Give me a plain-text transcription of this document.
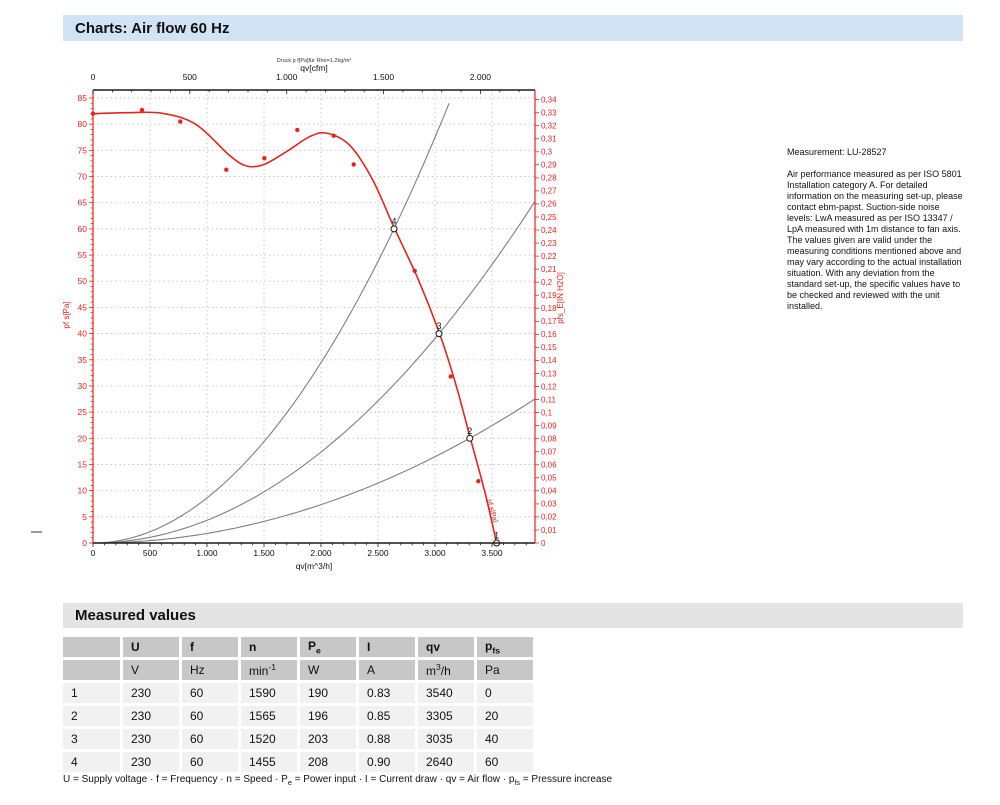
Charts: Air flow 60 Hz
1
2
3
4
0	500	1.000	1.500	2.000	2.500	3.000	3.500
0	500	1.000	1.500	2.000
0
5
10
15
20
25
30
35
40
45
50
55
60
65
70
75
80
85
0
0,01
0,02
0,03
0,04
0,05
0,06
0,07
0,08
0,09
0,1
0,11
0,12
0,13
0,14
0,15
0,16
0,17
0,18
0,19
0,2
0,21
0,22
0,23
0,24
0,25
0,26
0,27
0,28
0,29
0,3
0,31
0,32
0,33
0,34
Druck p f[Pa]für Rho=1.2kg/m³
qv[cfm]
qv[m^3/h]
pf s[Pa]	pfs_E[IN H2O]
pf s[Pa]
Measurement: LU-28527
Air performance measured as per ISO 5801 Installation category A. For detailed information on the measuring set-up, please contact ebm-papst. Suction-side noise levels: LwA measured as per ISO 13347 / LpA measured with 1m distance to fan axis. The values given are valid under the measuring conditions mentioned above and may vary according to the actual installation situation. With any deviation from the standard set-up, the specific values have to be checked and reviewed with the unit installed.
Measured values
	U	f	n	$P_e$	I	qv	$p_{fs}$
	V	Hz	$\min^{-1}$	W	A	$m^3/h$	Pa
1	230	60	1590	190	0.83	3540	0
2	230	60	1565	196	0.85	3305	20
3	230	60	1520	203	0.88	3035	40
4	230	60	1455	208	0.90	2640	60
U = Supply voltage · f = Frequency · n = Speed · $P_e$ = Power input · I = Current draw · qv = Air flow · $p_{fs}$ = Pressure increase
